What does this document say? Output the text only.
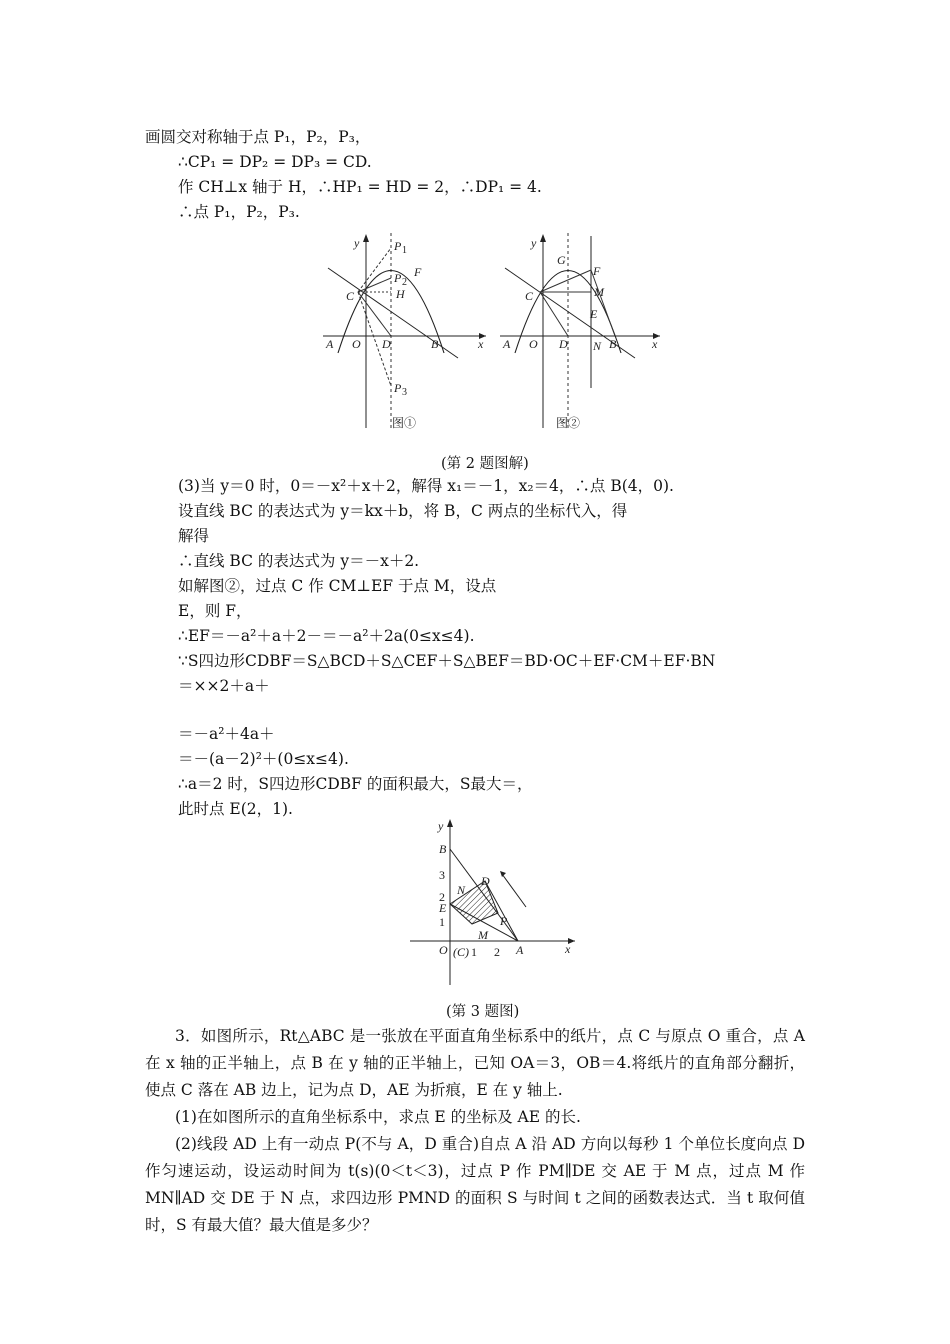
画圆交对称轴于点 P₁，P₂，P₃，
∴CP₁ = DP₂ = DP₃ = CD.
作 CH⊥x 轴于 H，∴HP₁ = HD = 2，∴DP₁ = 4.
∴点 P₁，P₂，P₃.
y
x
A O D	B
C	H
F
P 1
P 2
P 3
图①
y
x
A O D N B
C
G
F
M
E
图②
(第 2 题图解)
(3)当 y＝0 时，0＝－x²＋x＋2，解得 x₁＝－1，x₂＝4，∴点 B(4，0).
设直线 BC 的表达式为 y＝kx＋b，将 B，C 两点的坐标代入，得
解得
∴直线 BC 的表达式为 y＝－x＋2.
如解图②，过点 C 作 CM⊥EF 于点 M，设点
E，则 F，
∴EF＝－a²＋a＋2－＝－a²＋2a(0≤x≤4).
∵S四边形CDBF＝S△BCD＋S△CEF＋S△BEF＝BD·OC＋EF·CM＋EF·BN
＝××2＋a＋
＝－a²＋4a＋
＝－(a－2)²＋(0≤x≤4).
∴a＝2 时，S四边形CDBF 的面积最大，S最大＝，
此时点 E(2，1).
y
x
B
3
2
E
1
O (C) 1 2 A
D
N
P
M
(第 3 题图)
3．如图所示，Rt△ABC 是一张放在平面直角坐标系中的纸片，点 C 与原点 O 重合，点 A 在 x 轴的正半轴上，点 B 在 y 轴的正半轴上，已知 OA＝3，OB＝4.将纸片的直角部分翻折，使点 C 落在 AB 边上，记为点 D，AE 为折痕，E 在 y 轴上.
(1)在如图所示的直角坐标系中，求点 E 的坐标及 AE 的长.
(2)线段 AD 上有一动点 P(不与 A，D 重合)自点 A 沿 AD 方向以每秒 1 个单位长度向点 D 作匀速运动，设运动时间为 t(s)(0＜t＜3)，过点 P 作 PM∥DE 交 AE 于 M 点，过点 M 作 MN∥AD 交 DE 于 N 点，求四边形 PMND 的面积 S 与时间 t 之间的函数表达式．当 t 取何值时，S 有最大值？最大值是多少？
